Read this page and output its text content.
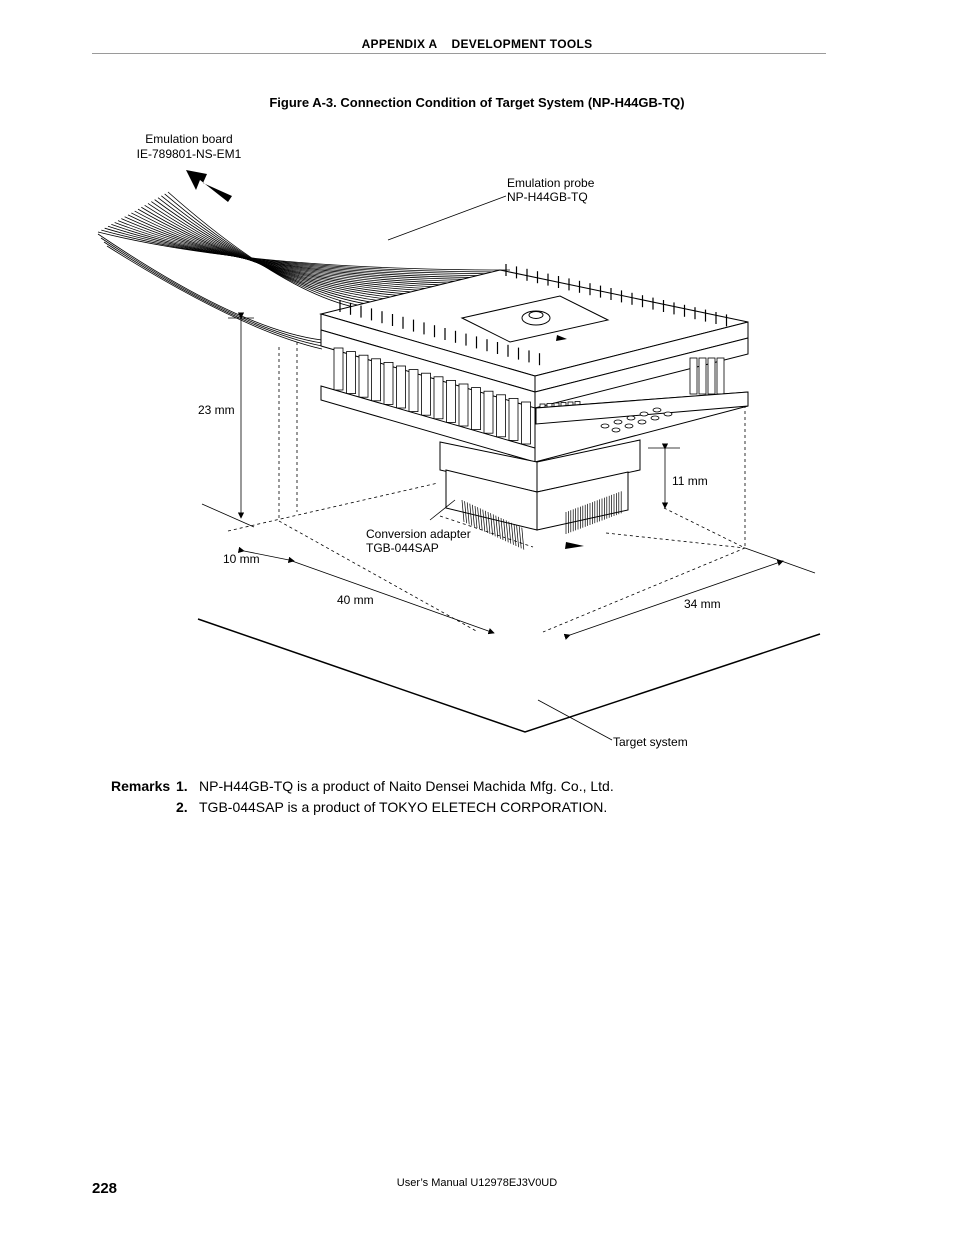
APPENDIX A DEVELOPMENT TOOLS
Figure A-3. Connection Condition of Target System (NP-H44GB-TQ)
Emulation board
IE-789801-NS-EM1
Emulation probe
NP-H44GB-TQ
23 mm
11 mm
Conversion adapter
TGB-044SAP
10 mm
40 mm	34 mm
Target system
Remarks 1. NP-H44GB-TQ is a product of Naito Densei Machida Mfg. Co., Ltd.
2. TGB-044SAP is a product of TOKYO ELETECH CORPORATION.
228	User’s Manual U12978EJ3V0UD
